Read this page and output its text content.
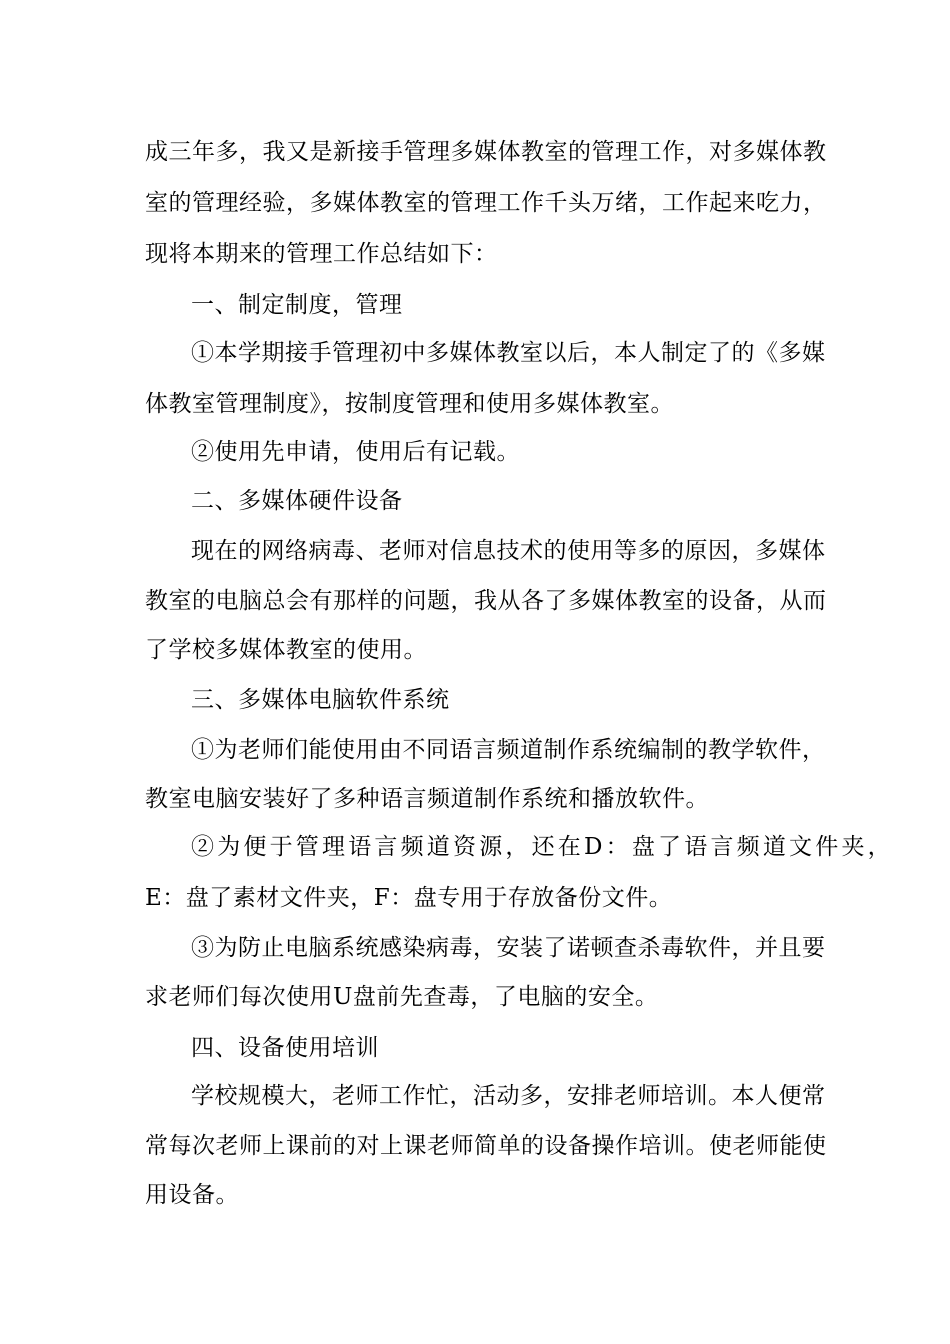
成三年多，我又是新接手管理多媒体教室的管理工作，对多媒体教
室的管理经验，多媒体教室的管理工作千头万绪，工作起来吃力，
现将本期来的管理工作总结如下：
一、制定制度，管理
①本学期接手管理初中多媒体教室以后，本人制定了的《多媒
体教室管理制度》，按制度管理和使用多媒体教室。
②使用先申请，使用后有记载。
二、多媒体硬件设备
现在的网络病毒、老师对信息技术的使用等多的原因，多媒体
教室的电脑总会有那样的问题，我从各了多媒体教室的设备，从而
了学校多媒体教室的使用。
三、多媒体电脑软件系统
①为老师们能使用由不同语言频道制作系统编制的教学软件，
教室电脑安装好了多种语言频道制作系统和播放软件。
②为便于管理语言频道资源，还在D：盘了语言频道文件夹，
E：盘了素材文件夹，F：盘专用于存放备份文件。
③为防止电脑系统感染病毒，安装了诺顿查杀毒软件，并且要
求老师们每次使用U盘前先查毒，了电脑的安全。
四、设备使用培训
学校规模大，老师工作忙，活动多，安排老师培训。本人便常
常每次老师上课前的对上课老师简单的设备操作培训。使老师能使
用设备。
